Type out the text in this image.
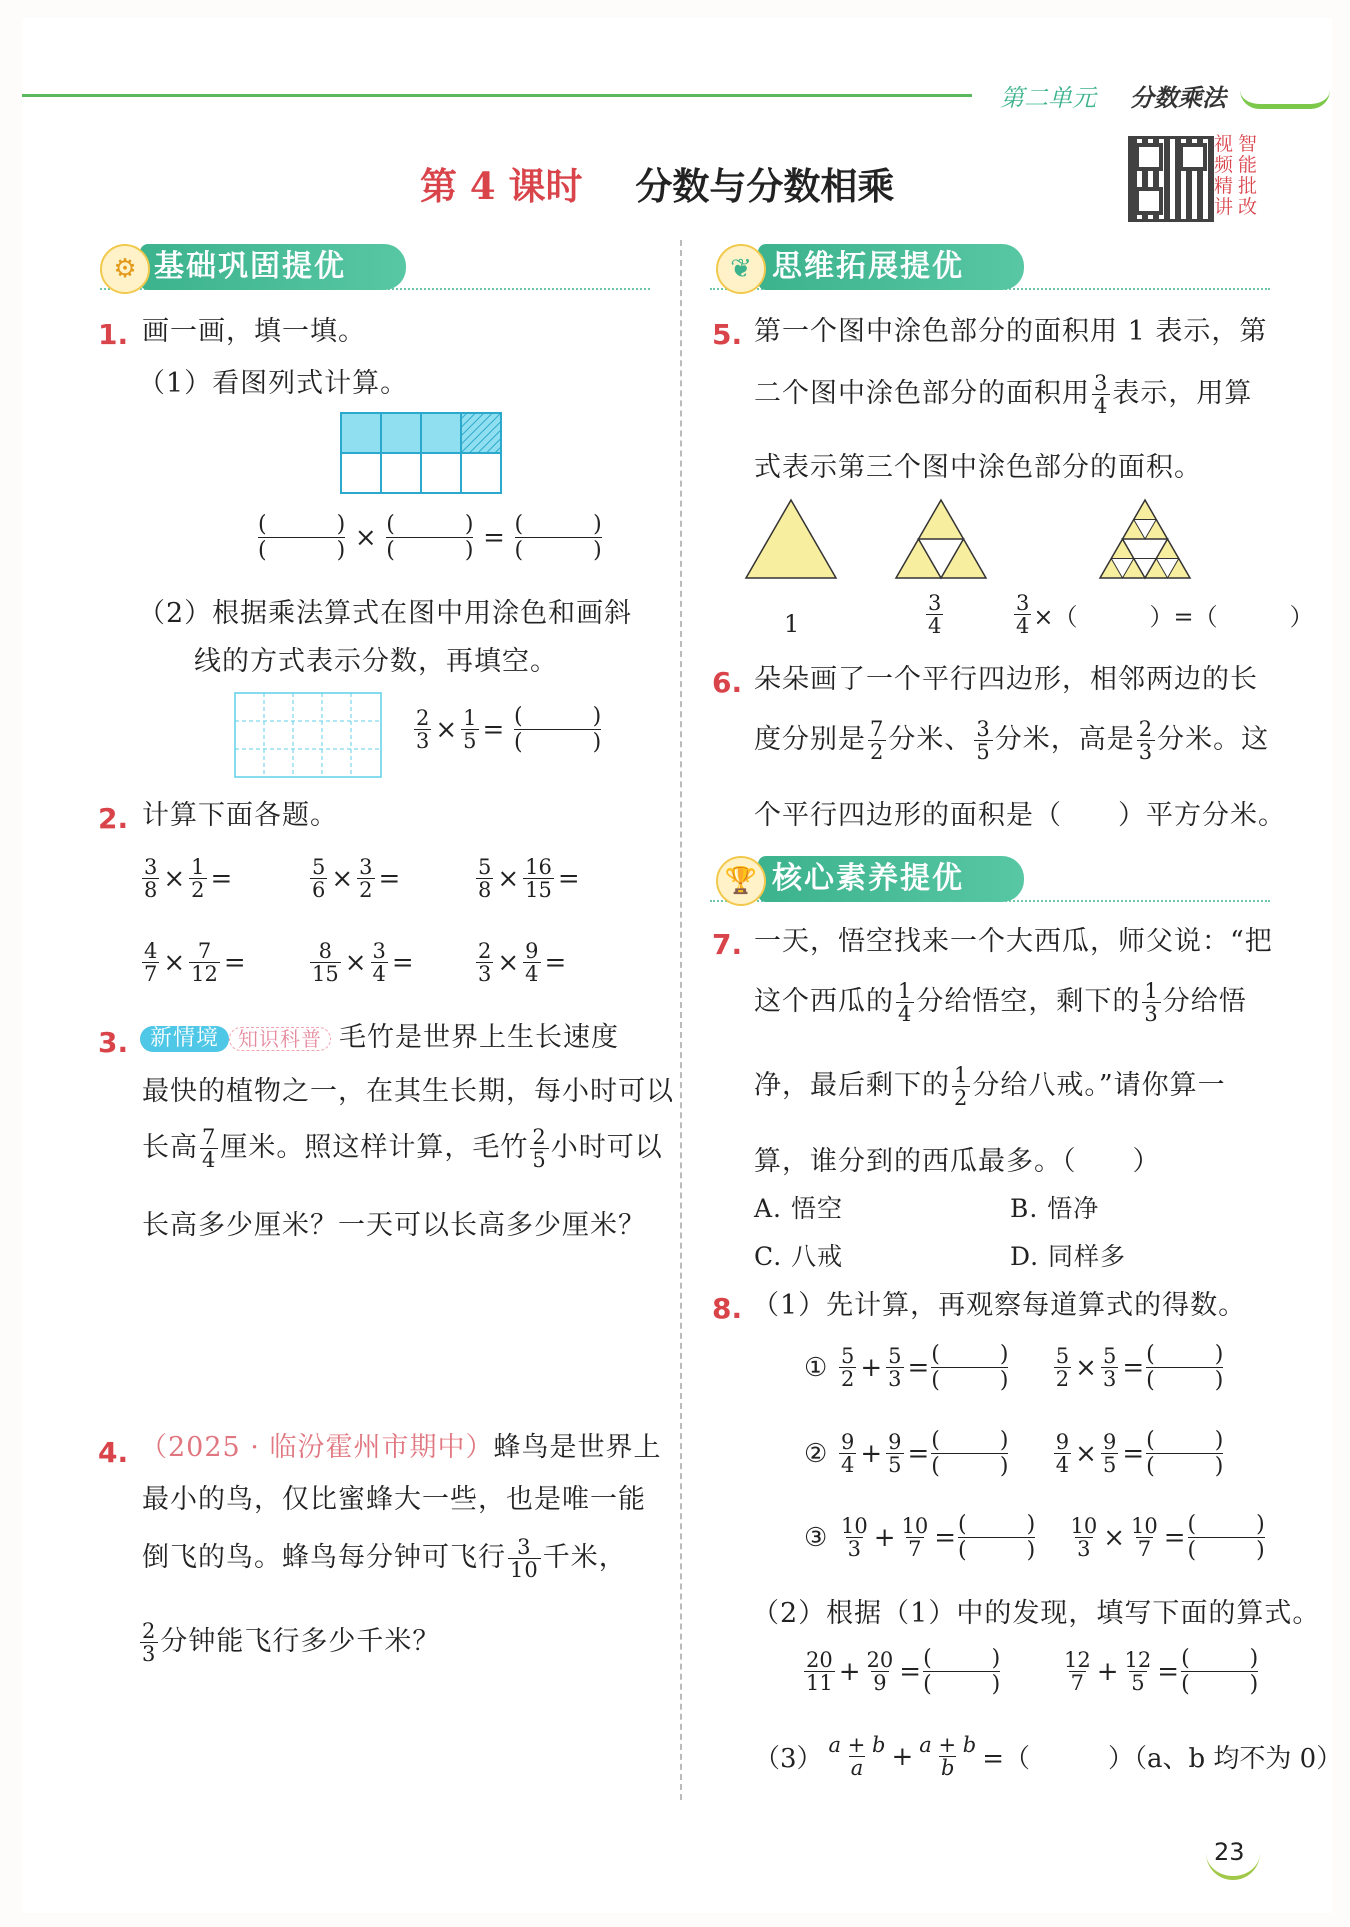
第二单元 分数乘法
第 4 课时 分数与分数相乘
视频精讲
智能批改
基础巩固提优
⚙
1. 画一画，填一填。
（1）看图列式计算。
(	)
(	) × (	)
(	) = (	)
(	)
（2）根据乘法算式在图中用涂色和画斜
线的方式表示分数，再填空。
$\frac{2}{3} \times \frac{1}{5}$ = (	)
(	)
2. 计算下面各题。
$\frac{3}{8} \times \frac{1}{2}$ =	$\frac{5}{6} \times \frac{3}{2}$ =	$\frac{5}{8} \times \frac{16}{15}$ =
$\frac{4}{7} \times \frac{7}{12}$ =	$\frac{8}{15} \times \frac{3}{4}$ =	$\frac{2}{3} \times \frac{9}{4}$ =
3. 新情境 知识科普 毛竹是世界上生长速度
最快的植物之一，在其生长期，每小时可以
长高 $\frac{7}{4}$ 厘米。照这样计算，毛竹 $\frac{2}{5}$ 小时可以
长高多少厘米？一天可以长高多少厘米？
4. （2025 · 临汾霍州市期中）蜂鸟是世界上
最小的鸟，仅比蜜蜂大一些，也是唯一能
倒飞的鸟。蜂鸟每分钟可飞行 $\frac{3}{10}$ 千米，
$\frac{2}{3}$ 分钟能飞行多少千米？
思维拓展提优
❦
5. 第一个图中涂色部分的面积用 1 表示，第
二个图中涂色部分的面积用 $\frac{3}{4}$ 表示，用算
式表示第三个图中涂色部分的面积。
1	$\frac{3}{4}$	$\frac{3}{4}$ ×（　　　）=（　　　）
6. 朵朵画了一个平行四边形，相邻两边的长
度分别是 $\frac{7}{2}$ 分米、 $\frac{3}{5}$ 分米，高是 $\frac{2}{3}$ 分米。这
个平行四边形的面积是（　　）平方分米。
核心素养提优
🏆
7. 一天，悟空找来一个大西瓜，师父说：“把
这个西瓜的 $\frac{1}{4}$ 分给悟空，剩下的 $\frac{1}{3}$ 分给悟
净，最后剩下的 $\frac{1}{2}$ 分给八戒。”请你算一
算，谁分到的西瓜最多。（　　）
A. 悟空	B. 悟净
C. 八戒	D. 同样多
8. （1）先计算，再观察每道算式的得数。
① $\frac{5}{2} + \frac{5}{3}$ = (	)
(	)
$\frac{5}{2} \times \frac{5}{3}$ = (	)
(	)
② $\frac{9}{4} + \frac{9}{5}$ = (	)
(	)
$\frac{9}{4} \times \frac{9}{5}$ = (	)
(	)
③ $\frac{10}{3} + \frac{10}{7}$ = (	)
(	)
$\frac{10}{3} \times \frac{10}{7}$ = (	)
(	)
（2）根据（1）中的发现，填写下面的算式。
$\frac{20}{11} + \frac{20}{9}$ = (	)
(	)	$\frac{12}{7} + \frac{12}{5}$ = (	)
(	)
$(3) \frac{a + b}{a} + \frac{a + b}{b}$ =（　　　）（a、b 均不为 0）
23
